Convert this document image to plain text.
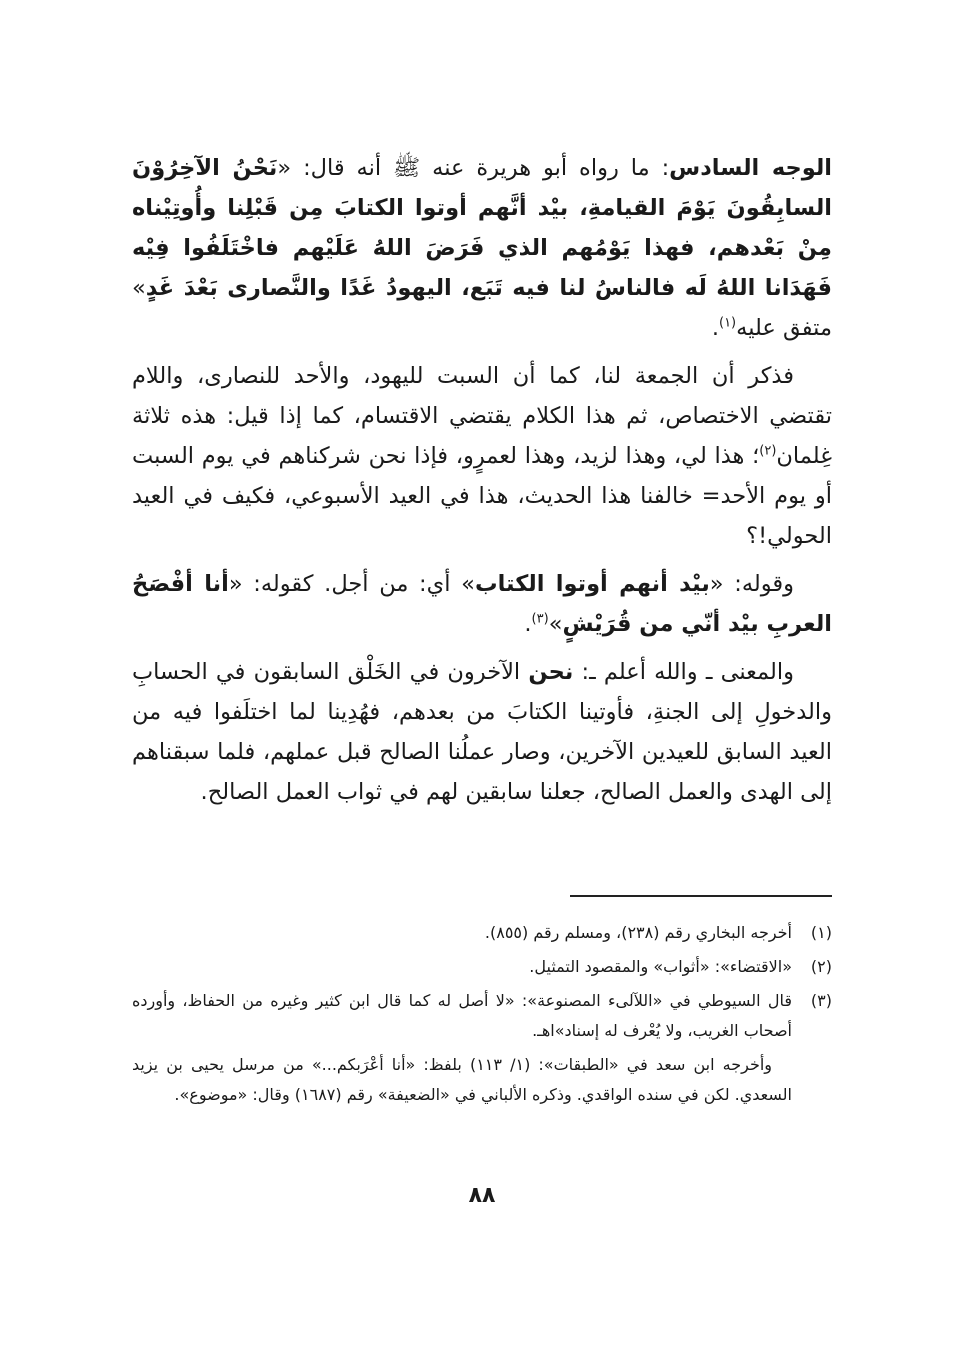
الوجه السادس: ما رواه أبو هريرة عنه ﷺ أنه قال: «نَحْنُ الآخِرُوْنَ السابِقُونَ يَوْمَ القيامةِ، بيْد أنَّهم أوتوا الكتابَ مِن قَبْلِنا وأُوتِيْناه مِنْ بَعْدهم، فهذا يَوْمُهم الذي فَرَضَ اللهُ عَلَيْهم فاخْتَلَفُوا فِيْه فَهَدَانا اللهُ لَه فالناسُ لنا فيه تَبَع، اليهودُ غَدًا والنَّصارى بَعْدَ غَدٍ» متفق عليه$^{(١)}$.

فذكر أن الجمعة لنا، كما أن السبت لليهود، والأحد للنصارى، واللام تقتضي الاختصاص، ثم هذا الكلام يقتضي الاقتسام، كما إذا قيل: هذه ثلاثة غِلمان$^{(٢)}$؛ هذا لي، وهذا لزيد، وهذا لعمرٍو، فإذا نحن شركناهم في يوم السبت أو يوم الأحد= خالفنا هذا الحديث، هذا في العيد الأسبوعي، فكيف في العيد الحولي!؟

وقوله: «بيْد أنهم أوتوا الكتاب» أي: من أجل. كقوله: «أنا أفْصَحُ العربِ بيْد أنّي من قُرَيْشٍ»$^{(٣)}$.

والمعنى ـ والله أعلم ـ: نحن الآخرون في الخَلْق السابقون في الحسابِ والدخولِ إلى الجنةِ، فأوتينا الكتابَ من بعدهم، فهُدِينا لما اختلَفوا فيه من العيد السابق للعيدين الآخرين، وصار عملُنا الصالح قبل عملهم، فلما سبقناهم إلى الهدى والعمل الصالح، جعلنا سابقين لهم في ثواب العمل الصالح.

(١)
أخرجه البخاري رقم (٢٣٨)، ومسلم رقم (٨٥٥).
(٢)
«الاقتضاء»: «أثواب» والمقصود التمثيل.
(٣)
قال السيوطي في «اللآلىء المصنوعة»: «لا أصل له كما قال ابن كثير وغيره من الحفاظ، وأورده أصحاب الغريب، ولا يُعْرف له إسناد»اهـ.
وأخرجه ابن سعد في «الطبقات»: (١/ ١١٣) بلفظ: «أنا أعْرَبكم...» من مرسل يحيى بن يزيد السعدي. لكن في سنده الواقدي. وذكره الألباني في «الضعيفة» رقم (١٦٨٧) وقال: «موضوع».
٨٨
